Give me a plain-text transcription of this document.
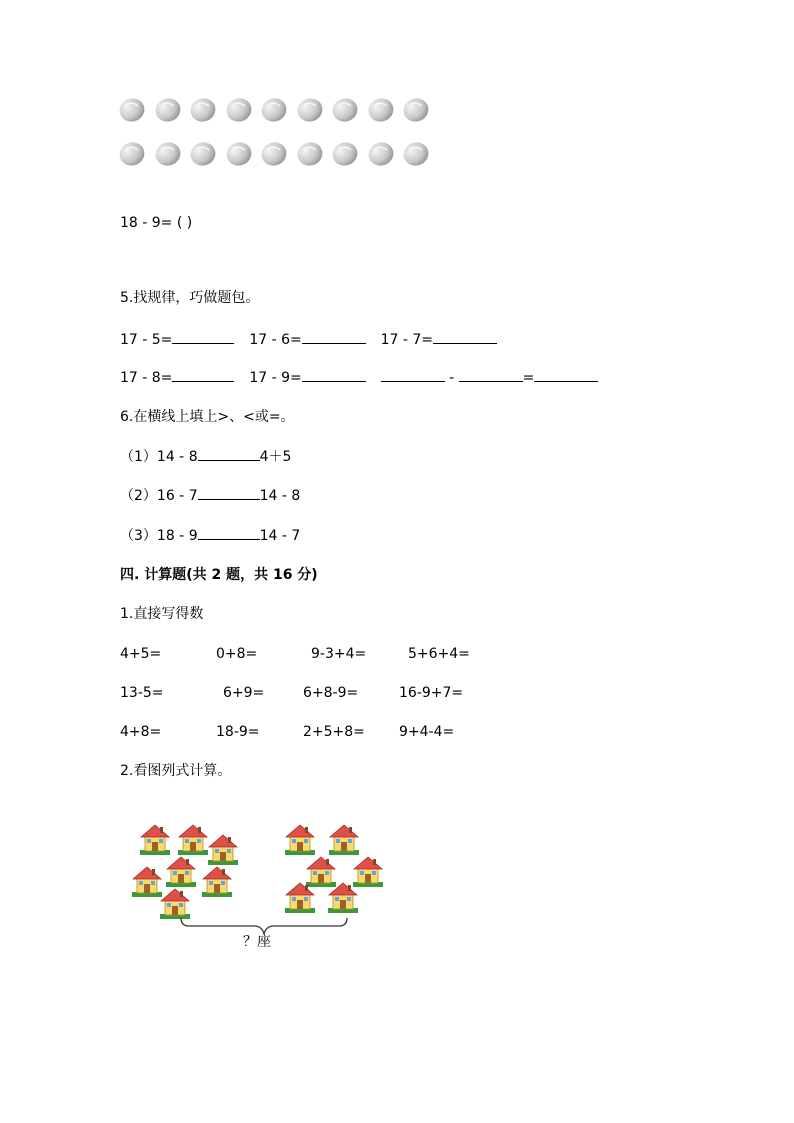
18 - 9= ( )
5.找规律，巧做题包。
17 - 5=	17 - 6=	17 - 7=
17 - 8=	17 - 9=	-	=
6.在横线上填上>、<或=。
（1）14 - 8	4＋5
（2）16 - 7	14 - 8
（3）18 - 9	14 - 7
四. 计算题(共 2 题，共 16 分)
1.直接写得数
4+5=	0+8=	9-3+4=	5+6+4=
13-5=	6+9=	6+8-9=	16-9+7=
4+8=	18-9=	2+5+8= 9+4-4=
2.看图列式计算。
？座
